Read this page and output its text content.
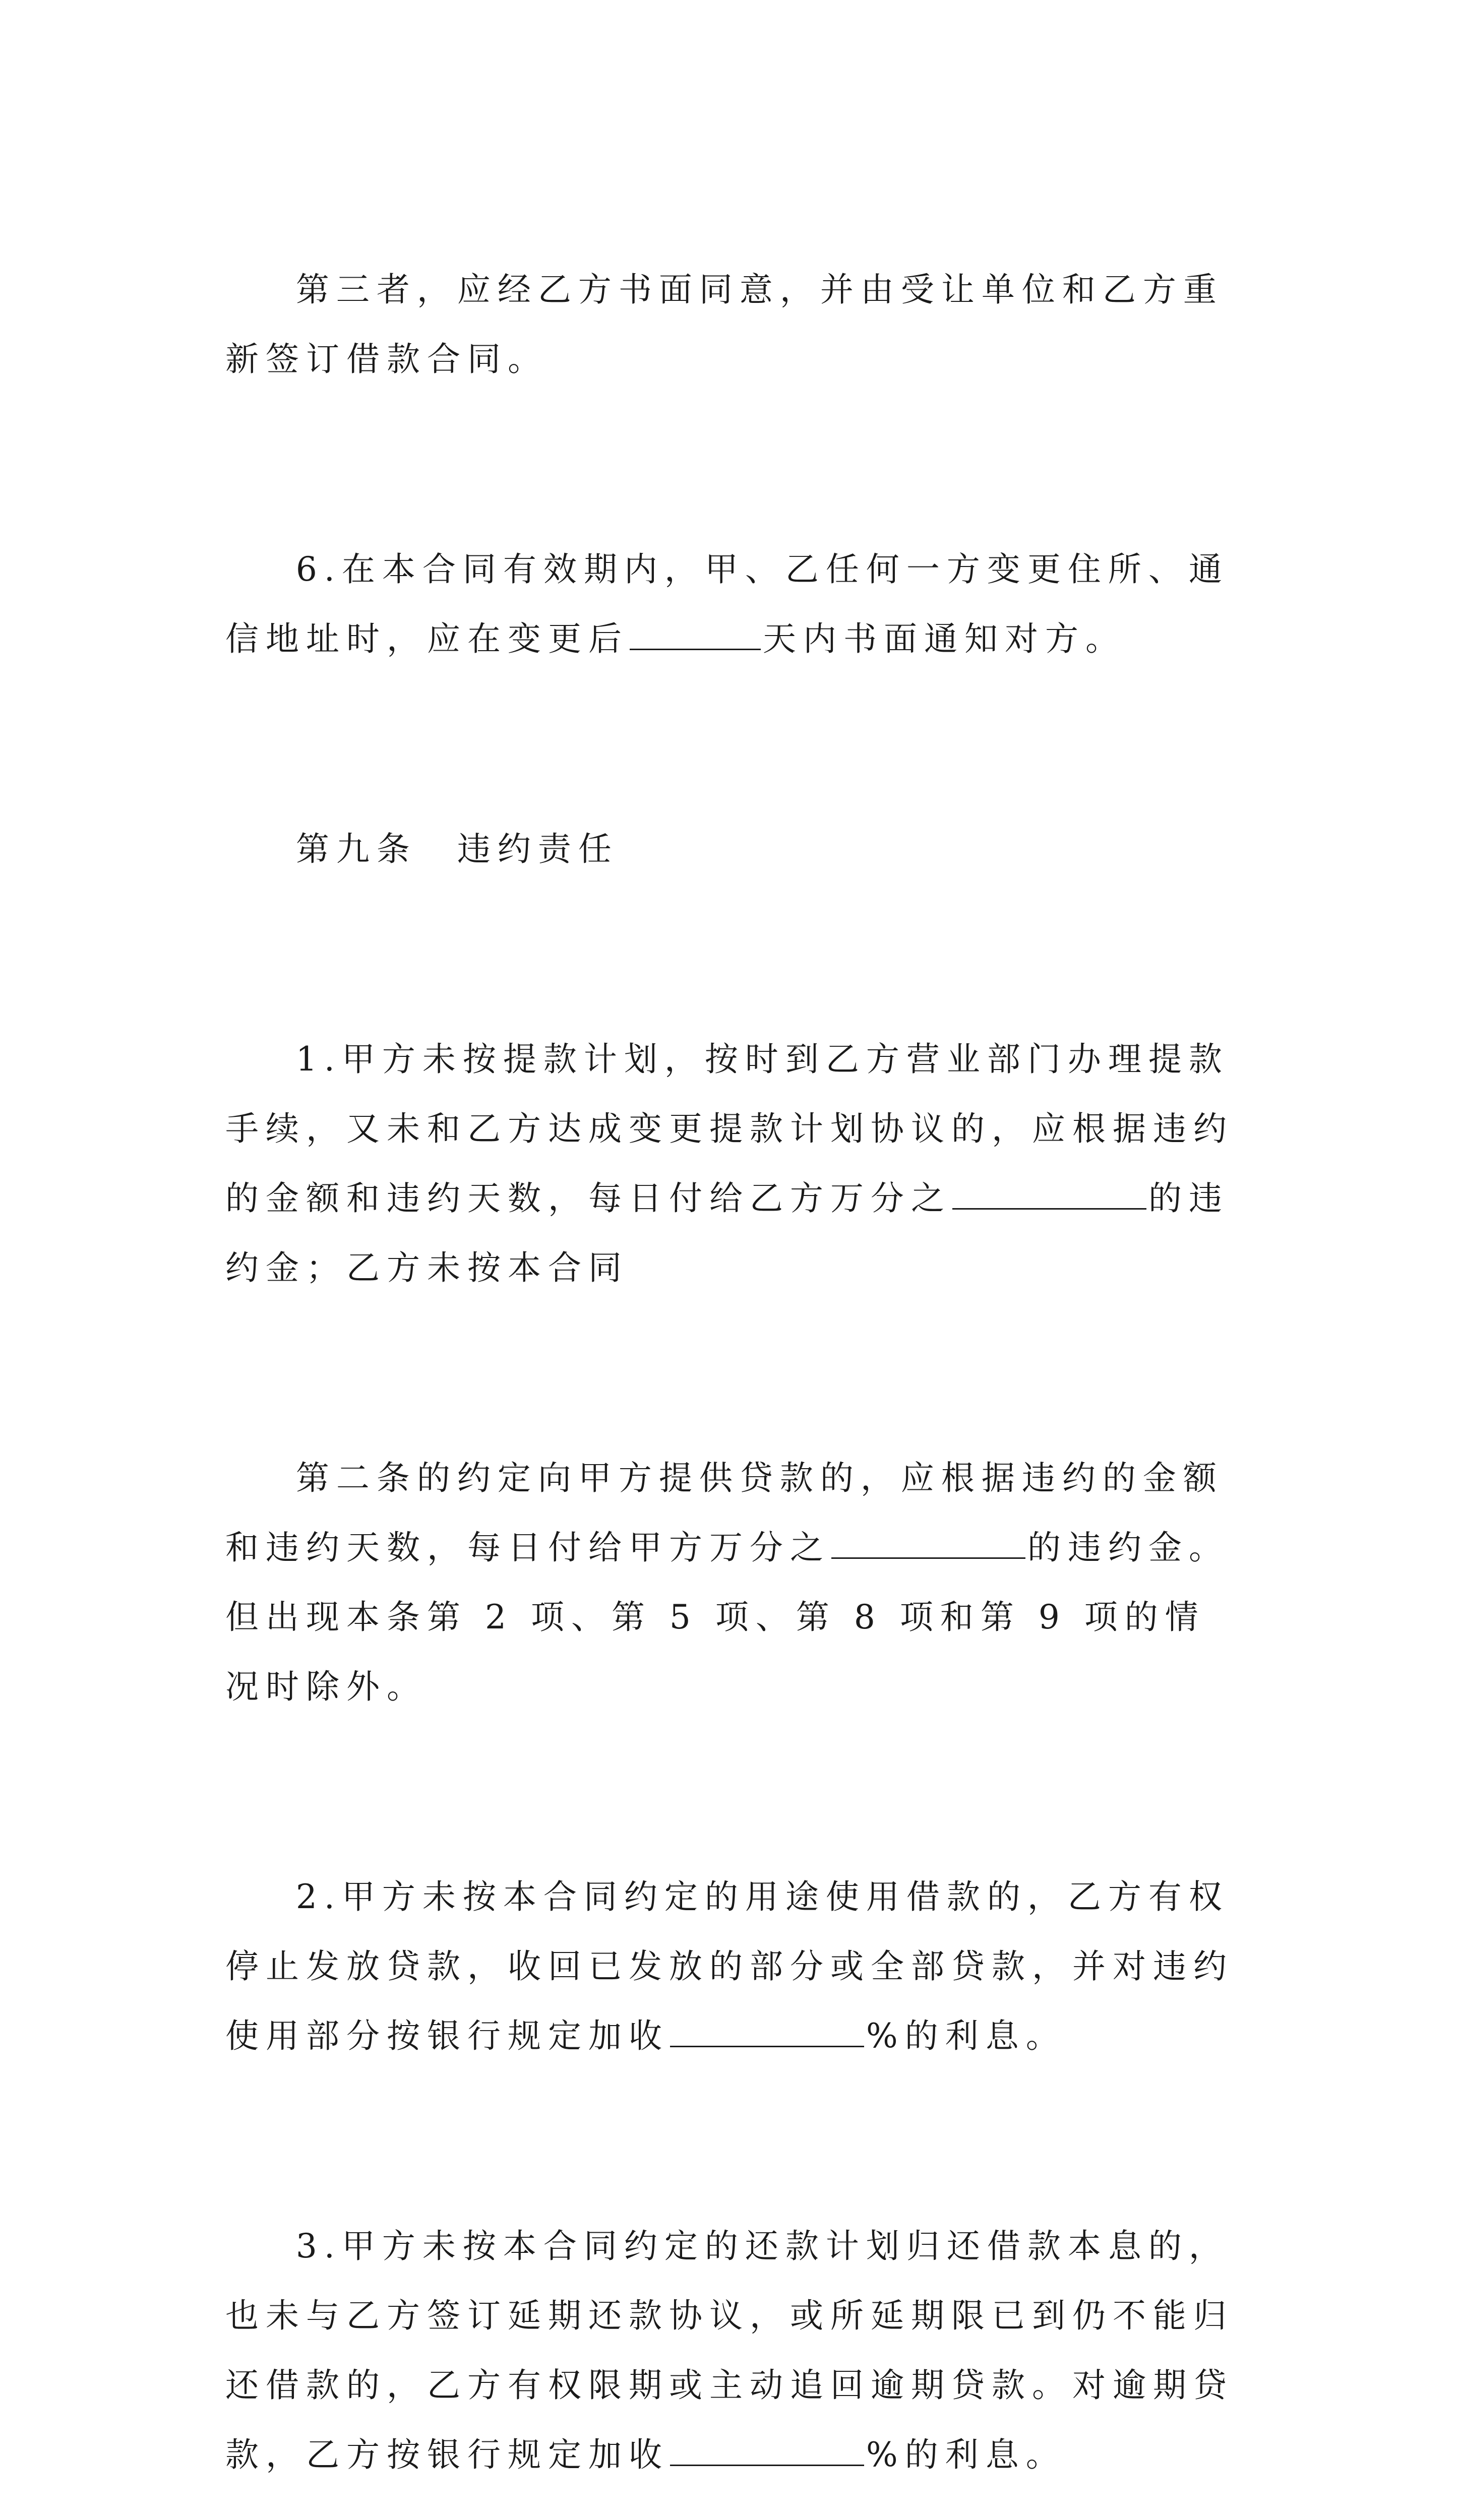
第三者，应经乙方书面同意，并由受让单位和乙方重新签订借款合同。

6.在本合同有效期内，甲、乙任何一方变更住所、通信地址时，应在变更后	天内书面通知对方。

第九条　违约责任

1.甲方未按提款计划，按时到乙方营业部门办理提款手续，又未和乙方达成变更提款计划协议的，应根据违约的金额和违约天数，每日付给乙方万分之	的违约金；乙方未按本合同

第二条的约定向甲方提供贷款的，应根据违约的金额和违约天数，每日付给甲方万分之	的违约金。但出现本条第 2 项、第 5 项、第 8 项和第 9 项的情况时除外。

2.甲方未按本合同约定的用途使用借款的，乙方有权停止发放贷款，收回已发放的部分或全部贷款，并对违约使用部分按银行规定加收	%的利息。

3.甲方未按本合同约定的还款计划归还借款本息的，也未与乙方签订延期还款协议，或所延期限已到仍不能归还借款的，乙方有权限期或主动追回逾期贷款。对逾期贷款，乙方按银行规定加收	%的利息。
